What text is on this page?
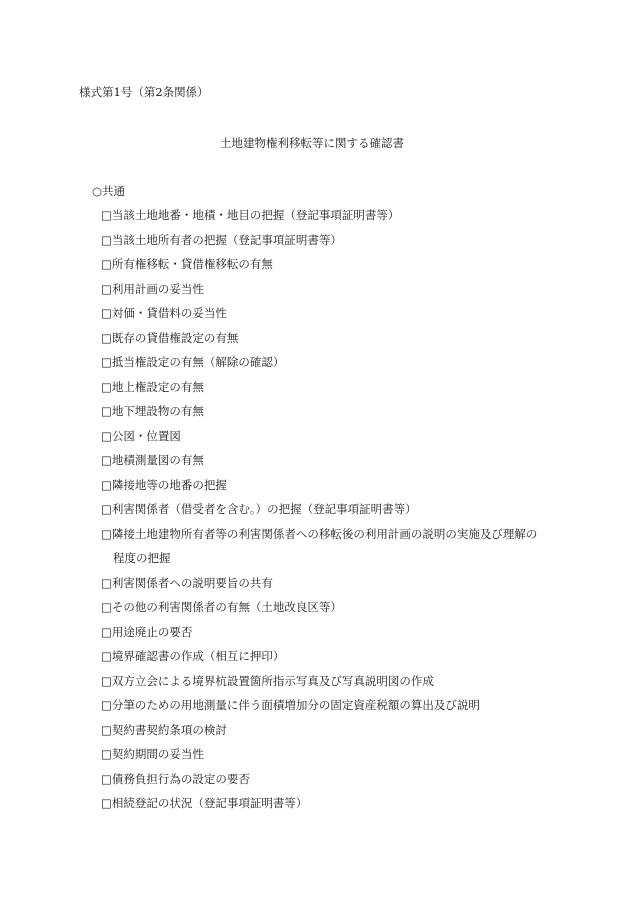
様式第1号（第2条関係）
土地建物権利移転等に関する確認書
○共通
□当該土地地番・地積・地目の把握（登記事項証明書等）
□当該土地所有者の把握（登記事項証明書等）
□所有権移転・貸借権移転の有無
□利用計画の妥当性
□対価・貸借料の妥当性
□既存の貸借権設定の有無
□抵当権設定の有無（解除の確認）
□地上権設定の有無
□地下埋設物の有無
□公図・位置図
□地積測量図の有無
□隣接地等の地番の把握
□利害関係者（借受者を含む。）の把握（登記事項証明書等）
□隣接土地建物所有者等の利害関係者への移転後の利用計画の説明の実施及び理解の
程度の把握
□利害関係者への説明要旨の共有
□その他の利害関係者の有無（土地改良区等）
□用途廃止の要否
□境界確認書の作成（相互に押印）
□双方立会による境界杭設置箇所指示写真及び写真説明図の作成
□分筆のための用地測量に伴う面積増加分の固定資産税額の算出及び説明
□契約書契約条項の検討
□契約期間の妥当性
□債務負担行為の設定の要否
□相続登記の状況（登記事項証明書等）
